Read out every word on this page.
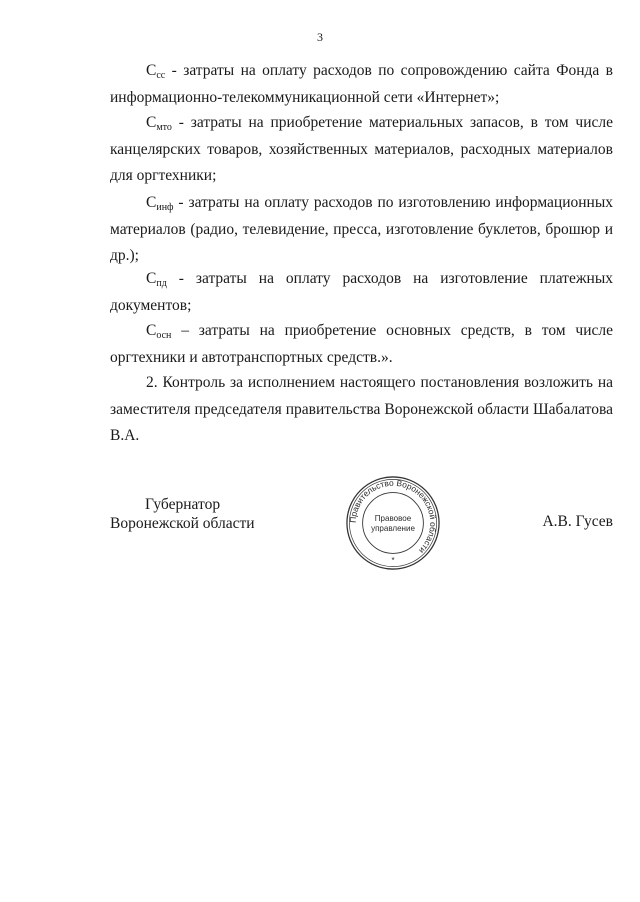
3
$C_{сс}$ - затраты на оплату расходов по сопровождению сайта Фонда в информационно-телекоммуникационной сети «Интернет»;
$C_{мто}$ - затраты на приобретение материальных запасов, в том числе канцелярских товаров, хозяйственных материалов, расходных материалов для оргтехники;
$C_{инф}$ - затраты на оплату расходов по изготовлению информационных материалов (радио, телевидение, пресса, изготовление буклетов, брошюр и др.);
$C_{пд}$ - затраты на оплату расходов на изготовление платежных документов;
$C_{осн}$ – затраты на приобретение основных средств, в том числе оргтехники и автотранспортных средств.».
2. Контроль за исполнением настоящего постановления возложить на заместителя председателя правительства Воронежской области Шабалатова В.А.
Губернатор
Воронежской области	Правительство Воронежской области
Правовое
управление
*
А.В. Гусев
